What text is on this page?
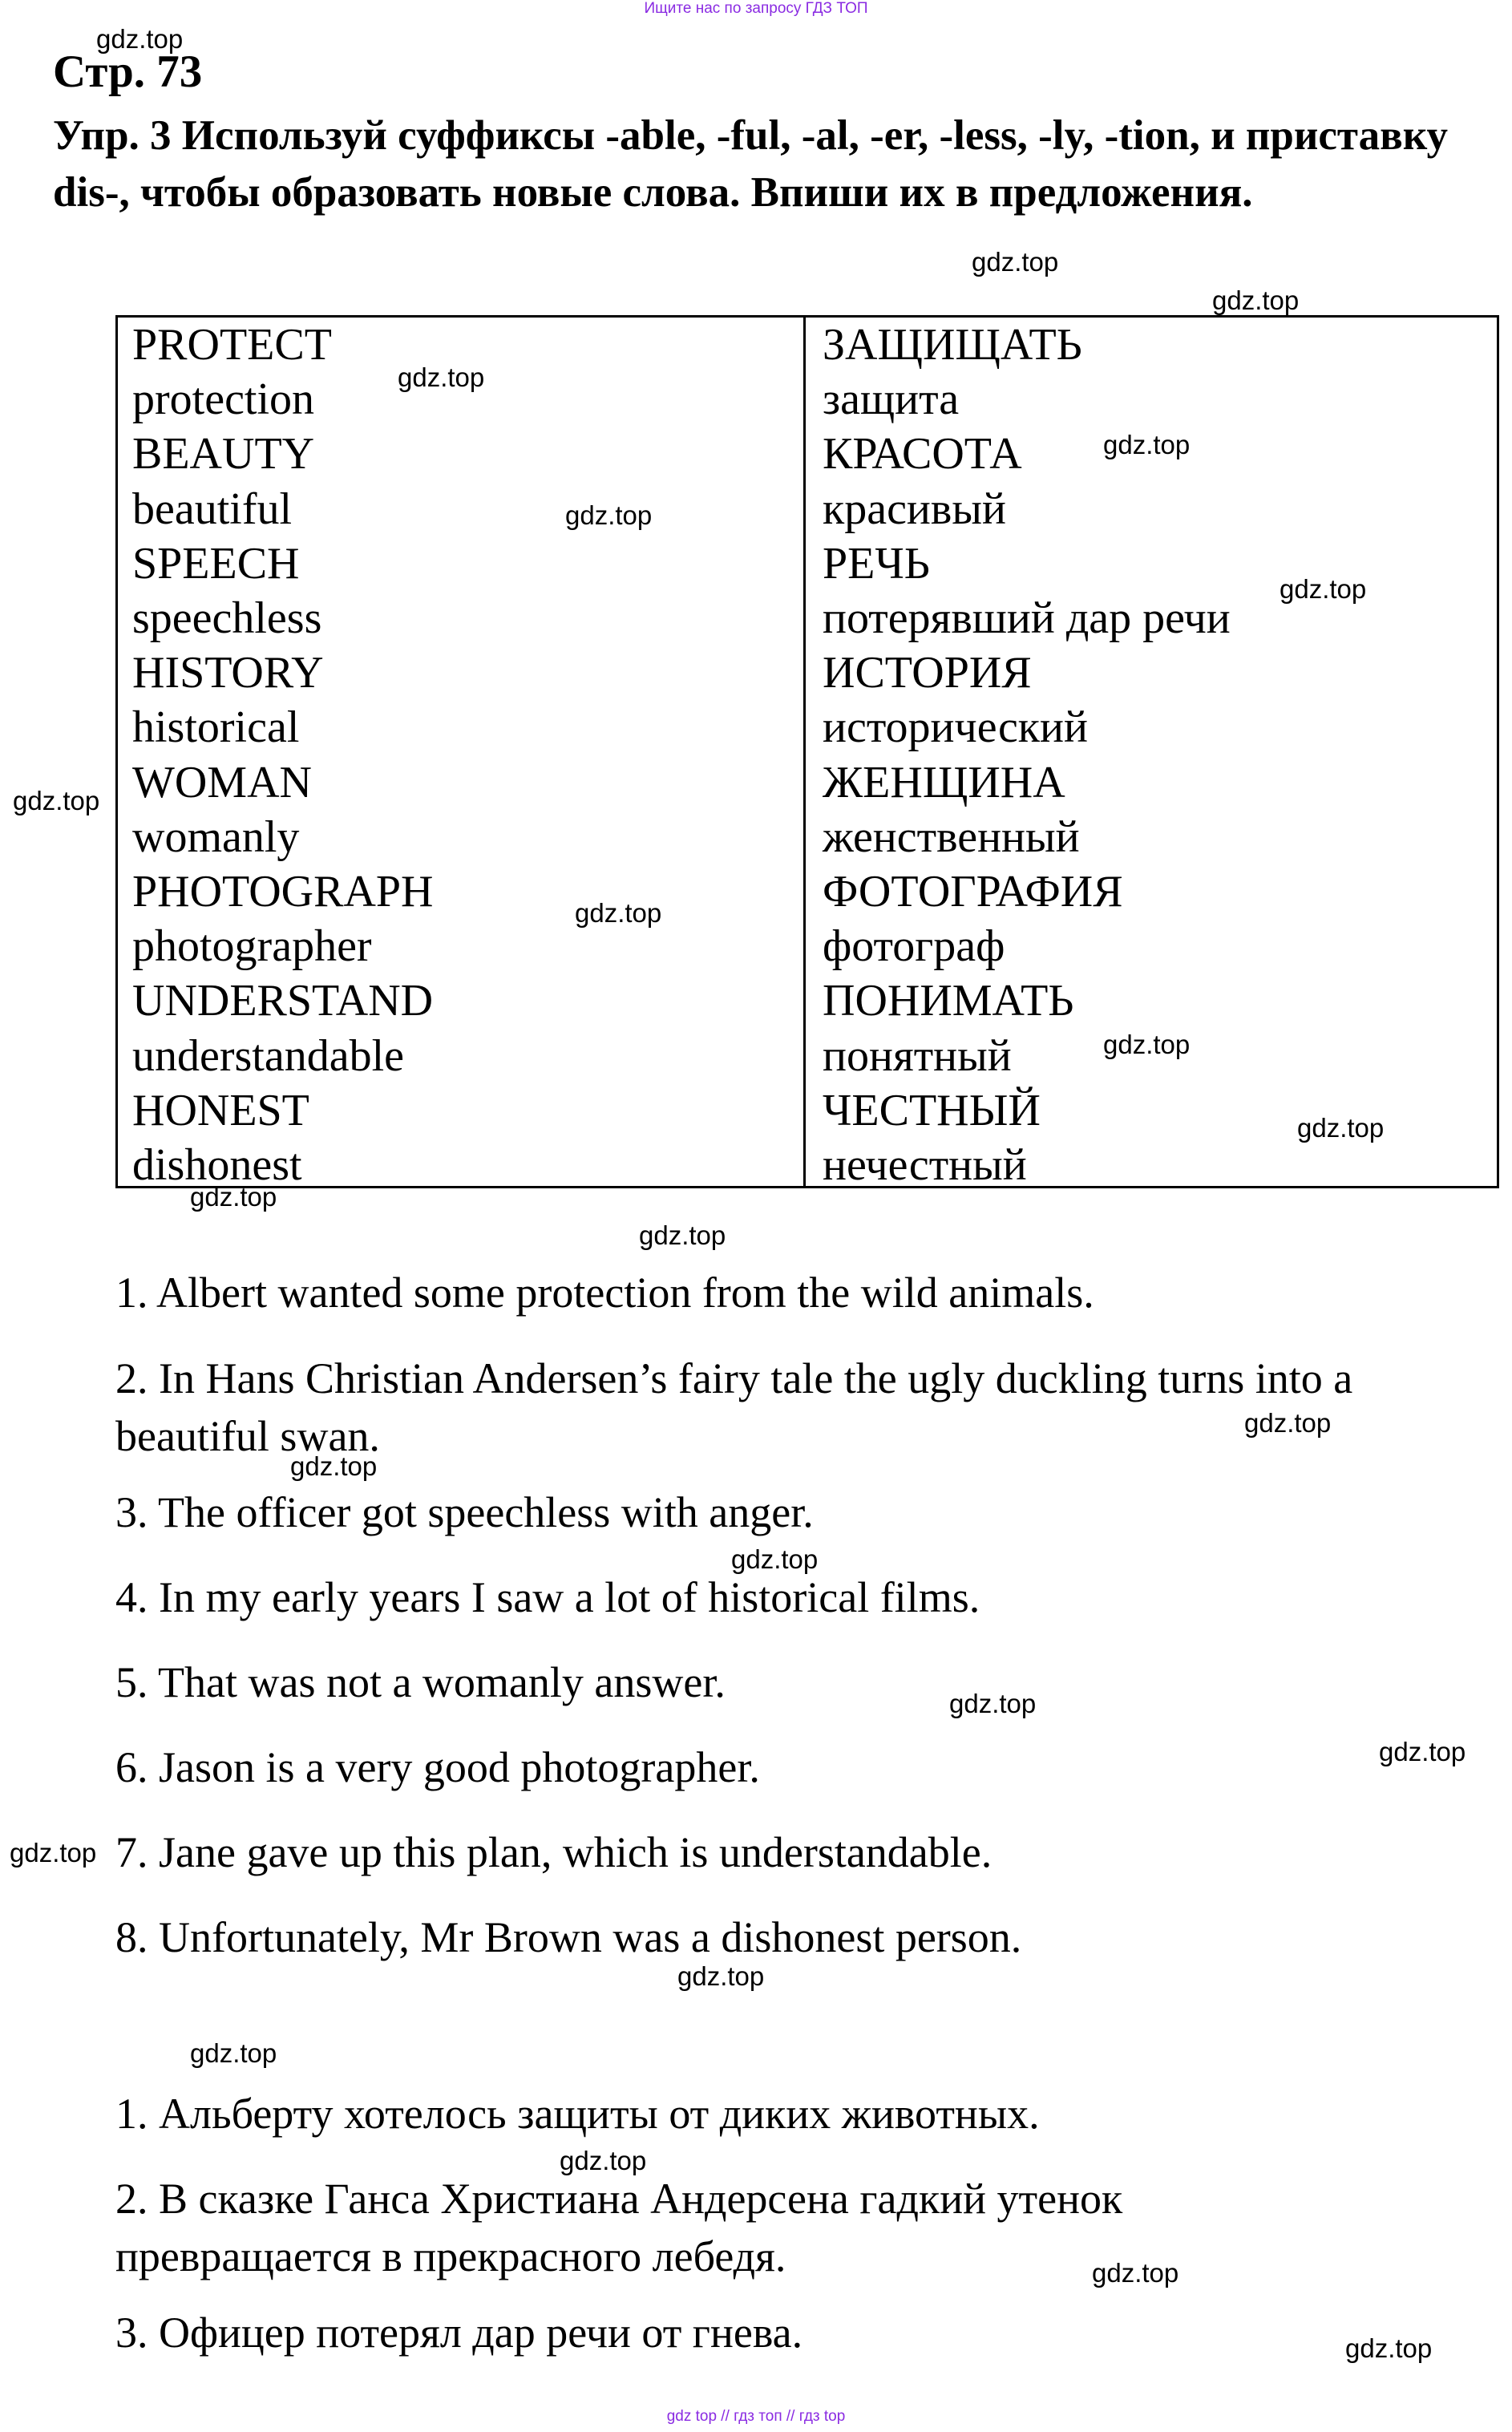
Ищите нас по запросу ГДЗ ТОП
Стр. 73
Упр. 3 Используй суффиксы -able, -ful, -al, -er, -less, -ly, -tion, и приставку dis-, чтобы образовать новые слова. Впиши их в предложения.
PROTECT
protection
BEAUTY
beautiful
SPEECH
speechless
HISTORY
historical
WOMAN
womanly
PHOTOGRAPH
photographer
UNDERSTAND
understandable
HONEST
dishonest
ЗАЩИЩАТЬ
защита
КРАСОТА
красивый
РЕЧЬ
потерявший дар речи
ИСТОРИЯ
исторический
ЖЕНЩИНА
женственный
ФОТОГРАФИЯ
фотограф
ПОНИМАТЬ
понятный
ЧЕСТНЫЙ
нечестный
1. Albert wanted some protection from the wild animals.
2. In Hans Christian Andersen’s fairy tale the ugly duckling turns into a beautiful swan.
3. The officer got speechless with anger.
4. In my early years I saw a lot of historical films.
5. That was not a womanly answer.
6. Jason is a very good photographer.
7. Jane gave up this plan, which is understandable.
8. Unfortunately, Mr Brown was a dishonest person.
1. Альберту хотелось защиты от диких животных.
2. В сказке Ганса Христиана Андерсена гадкий утенок превращается в прекрасного лебедя.
3. Офицер потерял дар речи от гнева.
gdz.top
gdz.top
gdz.top
gdz.top
gdz.top
gdz.top
gdz.top
gdz.top
gdz.top
gdz.top
gdz.top
gdz.top
gdz.top
gdz.top
gdz.top
gdz.top
gdz.top
gdz.top
gdz.top
gdz.top
gdz.top
gdz.top
gdz.top
gdz.top
gdz top // гдз топ // гдз top
